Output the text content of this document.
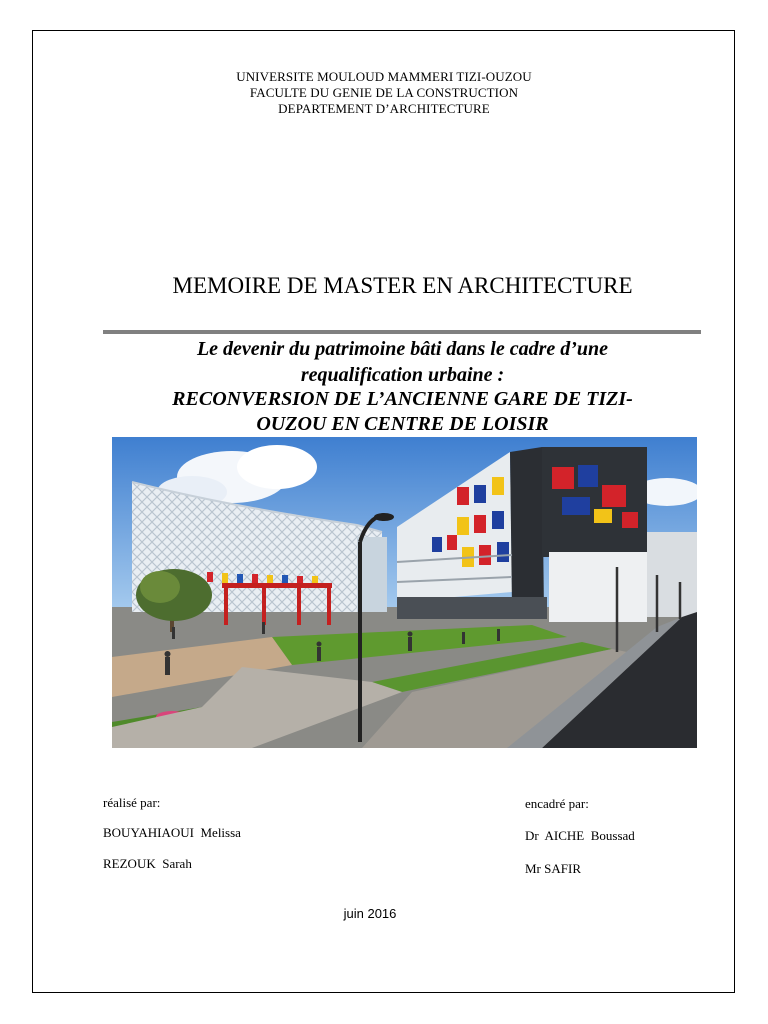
UNIVERSITE MOULOUD MAMMERI TIZI-OUZOU
FACULTE DU GENIE DE LA CONSTRUCTION
DEPARTEMENT D’ARCHITECTURE
MEMOIRE DE MASTER EN ARCHITECTURE
Le devenir du patrimoine bâti dans le cadre d’une
requalification urbaine :
RECONVERSION DE L’ANCIENNE GARE DE TIZI-
OUZOU EN CENTRE DE LOISIR
réalisé par:
BOUYAHIAOUI  Melissa
REZOUK  Sarah
encadré par:
Dr  AICHE  Boussad
Mr SAFIR
juin 2016
